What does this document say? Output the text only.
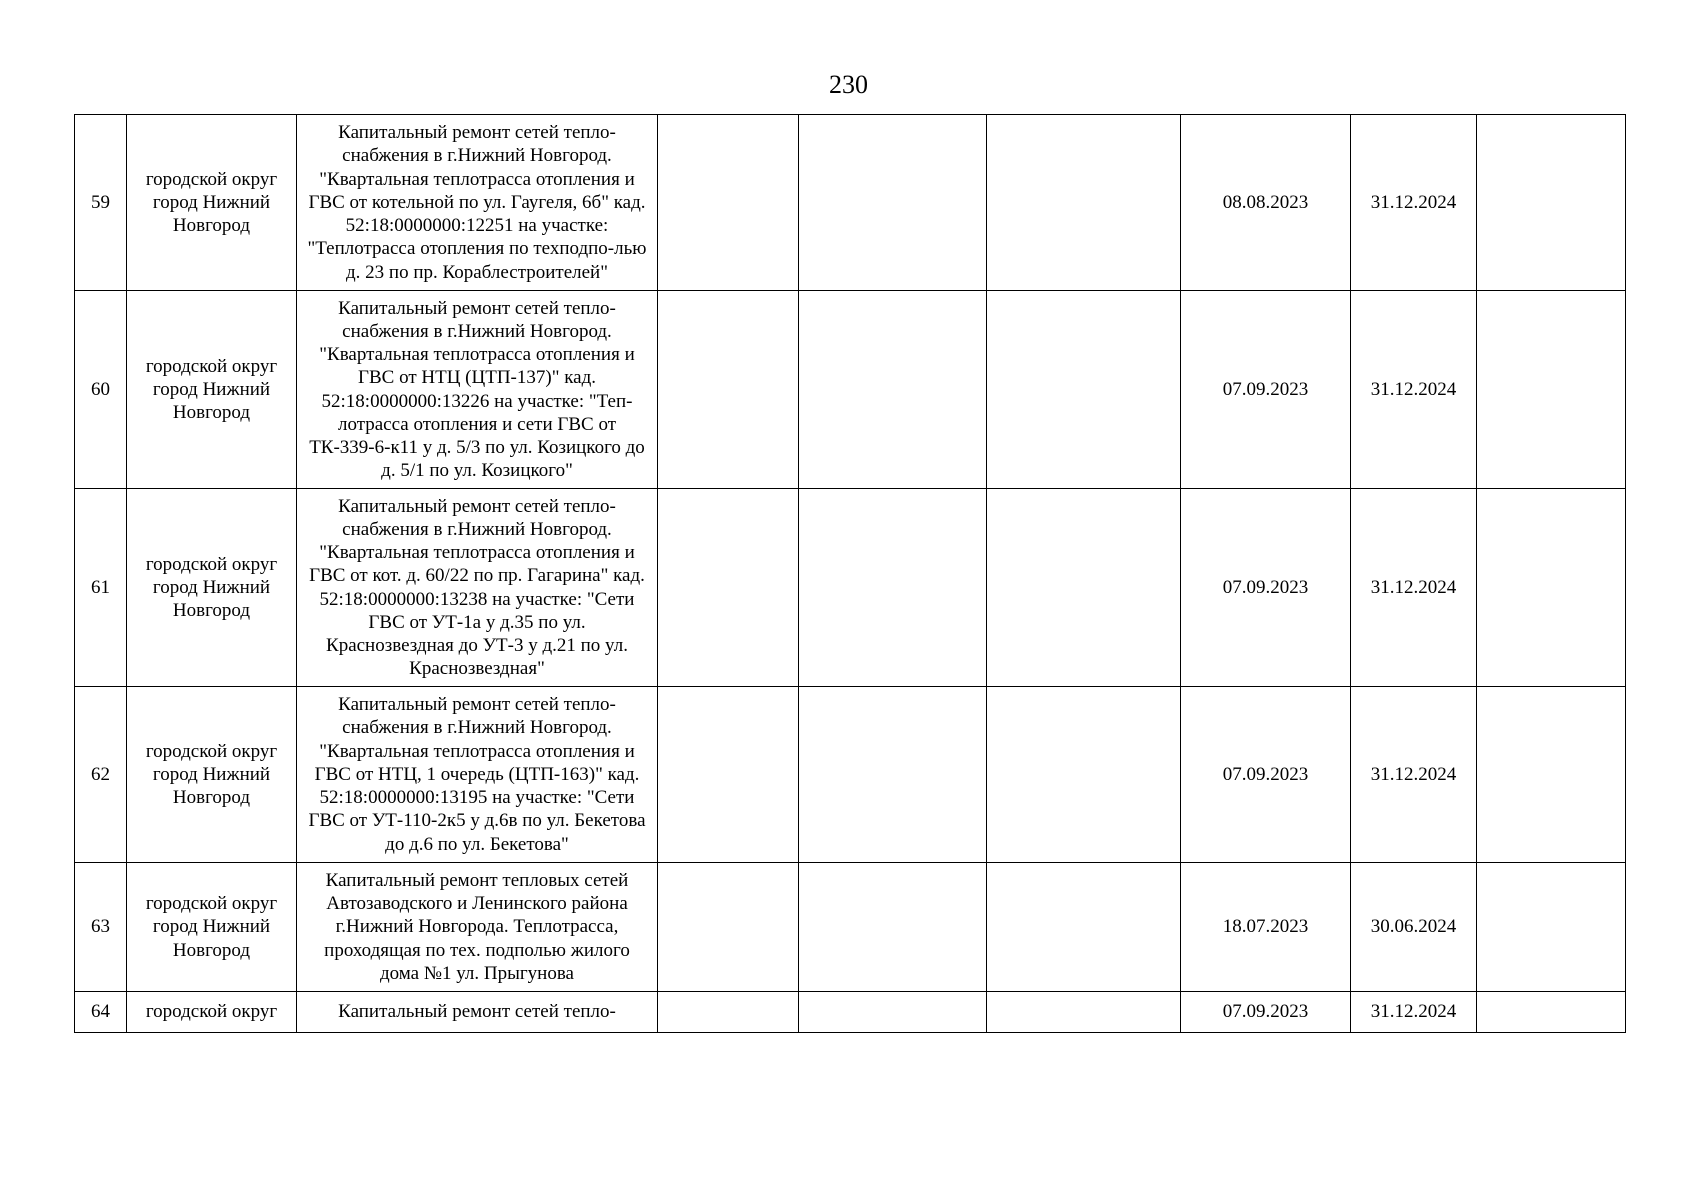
230
59	городской округ город Нижний Новгород	Капитальный ремонт сетей тепло-снабжения в г.Нижний Новгород. "Квартальная теплотрасса отопления и ГВС от котельной по ул. Гаугеля, 6б" кад. 52:18:0000000:12251 на участке: "Теплотрасса отопления по техподпо-лью д. 23 по пр. Кораблестроителей"				08.08.2023	31.12.2024	
60	городской округ город Нижний Новгород	Капитальный ремонт сетей тепло-снабжения в г.Нижний Новгород. "Квартальная теплотрасса отопления и ГВС от НТЦ (ЦТП-137)" кад. 52:18:0000000:13226 на участке: "Теп-лотрасса отопления и сети ГВС от ТК-339-6-к11 у д. 5/3 по ул. Козицкого до д. 5/1 по ул. Козицкого"				07.09.2023	31.12.2024	
61	городской округ город Нижний Новгород	Капитальный ремонт сетей тепло-снабжения в г.Нижний Новгород. "Квартальная теплотрасса отопления и ГВС от кот. д. 60/22 по пр. Гагарина" кад. 52:18:0000000:13238 на участке: "Сети ГВС от УТ-1а у д.35 по ул. Краснозвездная до УТ-3 у д.21 по ул. Краснозвездная"				07.09.2023	31.12.2024	
62	городской округ город Нижний Новгород	Капитальный ремонт сетей тепло-снабжения в г.Нижний Новгород. "Квартальная теплотрасса отопления и ГВС от НТЦ, 1 очередь (ЦТП-163)" кад. 52:18:0000000:13195 на участке: "Сети ГВС от УТ-110-2к5 у д.6в по ул. Бекетова до д.6 по ул. Бекетова"				07.09.2023	31.12.2024	
63	городской округ город Нижний Новгород	Капитальный ремонт тепловых сетей Автозаводского и Ленинского района г.Нижний Новгорода. Теплотрасса, проходящая по тех. подполью жилого дома №1 ул. Прыгунова				18.07.2023	30.06.2024	
64	городской округ	Капитальный ремонт сетей тепло-				07.09.2023	31.12.2024	
